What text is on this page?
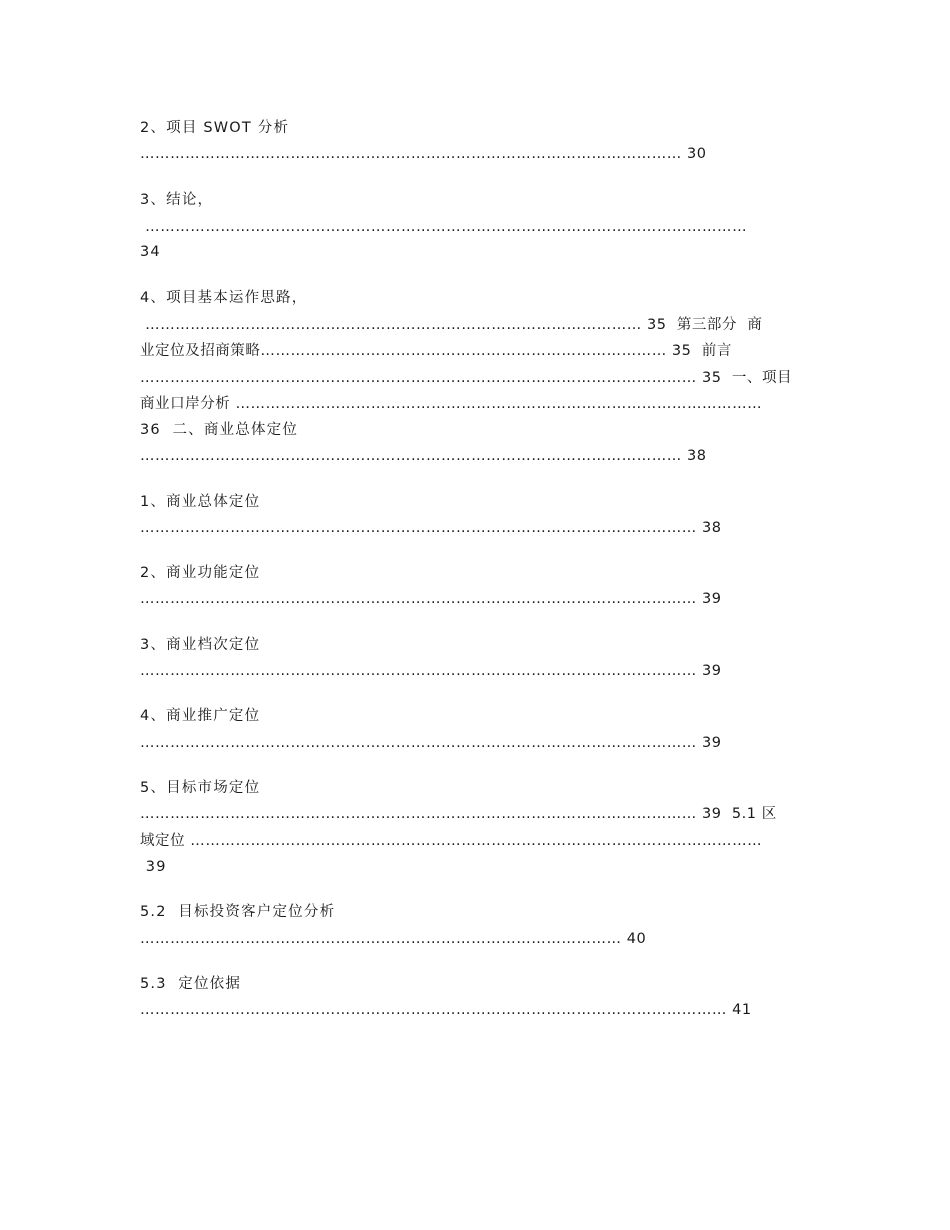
2、项目 SWOT 分析
……………………………………………………………………………………………… 30
3、结论，
…………………………………………………………………………………………………………
34
4、项目基本运作思路，
……………………………………………………………………………………… 35  第三部分  商
业定位及招商策略……………………………………………………………………… 35  前言
………………………………………………………………………………………………… 35  一、项目
商业口岸分析 ……………………………………………………………………………………………
36  二、商业总体定位
……………………………………………………………………………………………… 38
1、商业总体定位
………………………………………………………………………………………………… 38
2、商业功能定位
………………………………………………………………………………………………… 39
3、商业档次定位
………………………………………………………………………………………………… 39
4、商业推广定位
………………………………………………………………………………………………… 39
5、目标市场定位
………………………………………………………………………………………………… 39  5.1 区
域定位 ……………………………………………………………………………………………………
39
5.2  目标投资客户定位分析
…………………………………………………………………………………… 40
5.3  定位依据
……………………………………………………………………………………………………… 41
